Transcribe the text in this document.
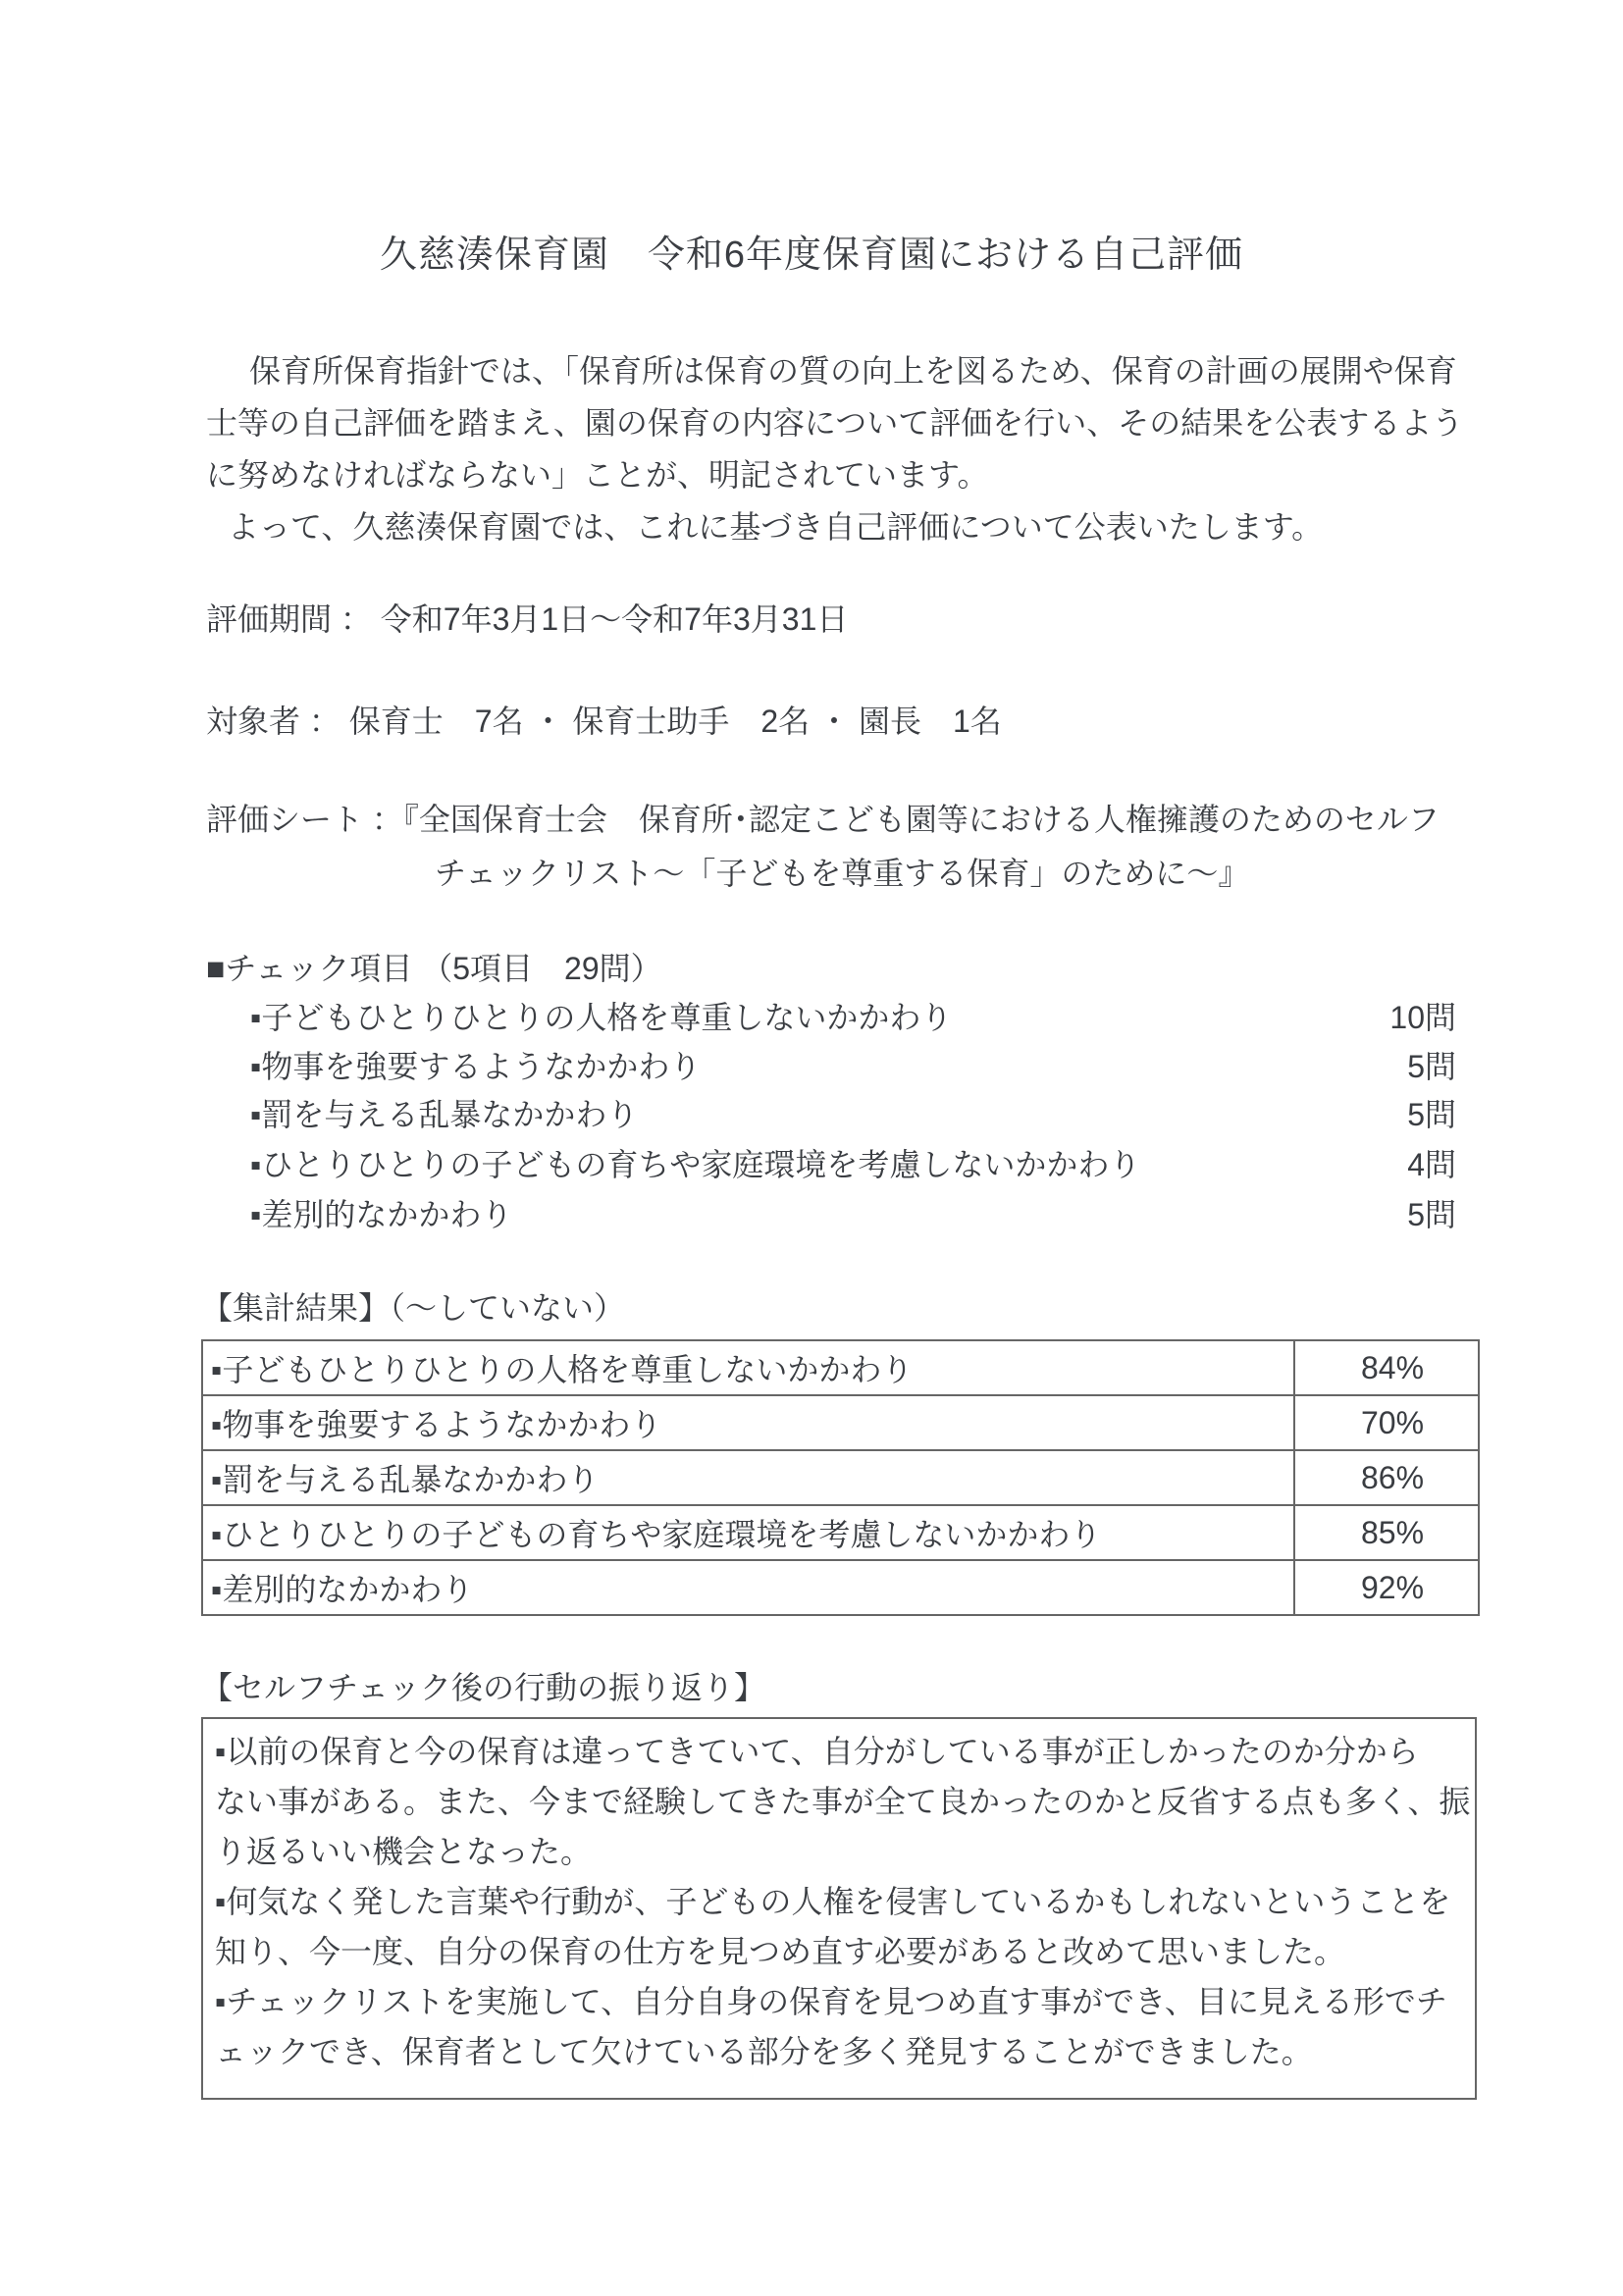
久慈湊保育園　令和6年度保育園における自己評価
保育所保育指針では、「保育所は保育の質の向上を図るため、保育の計画の展開や保育
士等の自己評価を踏まえ、園の保育の内容について評価を行い、その結果を公表するよう
に努めなければならない」ことが、明記されています。
よって、久慈湊保育園では、これに基づき自己評価について公表いたします。
評価期間 ： 令和7年3月1日～令和7年3月31日
対象者 ： 保育士　7名 ・ 保育士助手　2名 ・ 園長　1名
評価シート ：『全国保育士会　保育所･認定こども園等における人権擁護のためのセルフ
チェックリスト～「子どもを尊重する保育」のために～』
■チェック項目 （5項目　29問）
▪子どもひとりひとりの人格を尊重しないかかわり	10問
▪物事を強要するようなかかわり	5問
▪罰を与える乱暴なかかわり	5問
▪ひとりひとりの子どもの育ちや家庭環境を考慮しないかかわり	4問
▪差別的なかかわり	5問
【集計結果】（～していない）
▪子どもひとりひとりの人格を尊重しないかかわり	84%
▪物事を強要するようなかかわり	70%
▪罰を与える乱暴なかかわり	86%
▪ひとりひとりの子どもの育ちや家庭環境を考慮しないかかわり	85%
▪差別的なかかわり	92%
【セルフチェック後の行動の振り返り】
▪以前の保育と今の保育は違ってきていて、自分がしている事が正しかったのか分から
ない事がある。また、今まで経験してきた事が全て良かったのかと反省する点も多く、振
り返るいい機会となった。
▪何気なく発した言葉や行動が、子どもの人権を侵害しているかもしれないということを
知り、今一度、自分の保育の仕方を見つめ直す必要があると改めて思いました。
▪チェックリストを実施して、自分自身の保育を見つめ直す事ができ、目に見える形でチ
ェックでき、保育者として欠けている部分を多く発見することができました。
